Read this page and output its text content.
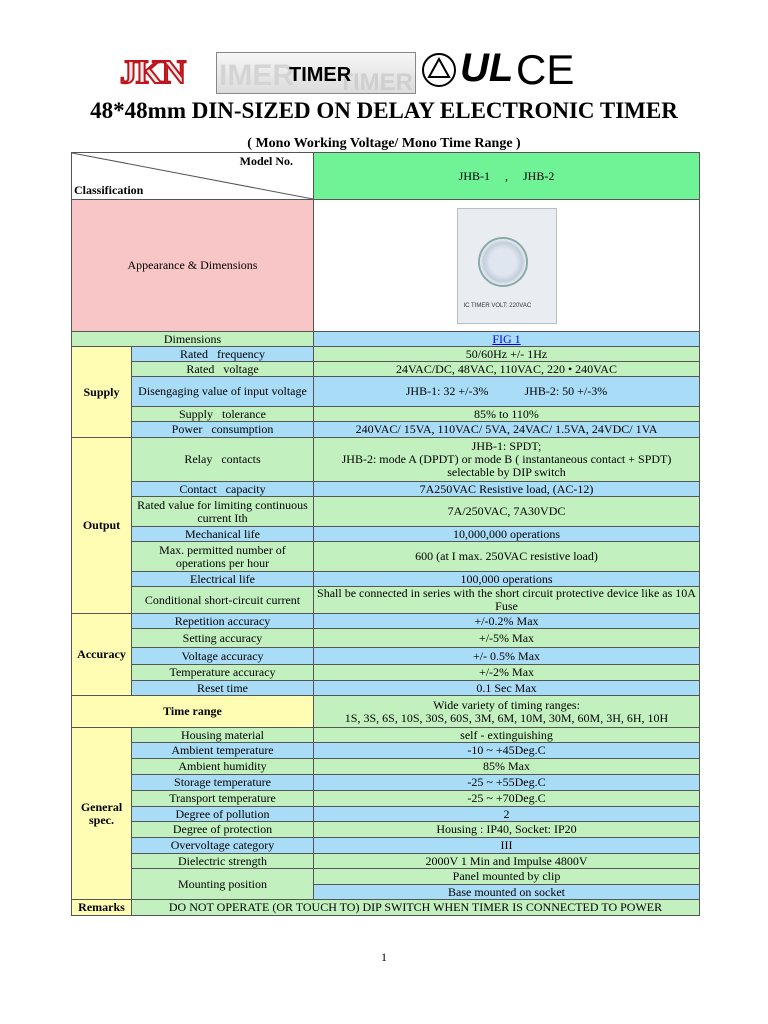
JKN IMER TIMER
TIMER	UL CE
48*48mm DIN-SIZED ON DELAY ELECTRONIC TIMER
( Mono Working Voltage/ Mono Time Range )
Model No.
Classification		JHB-1 　, 　JHB-2
Appearance & Dimensions		IC TIMER VOLT: 220VAC

Dimensions		FIG 1
Supply	Rated   frequency	50/60Hz +/- 1Hz
	Rated   voltage	24VAC/DC, 48VAC, 110VAC, 220 • 240VAC
	Disengaging value of input voltage	JHB-1: 32 +/-3%            JHB-2: 50 +/-3%
	Supply   tolerance	85% to 110%
	Power   consumption	240VAC/ 15VA, 110VAC/ 5VA, 24VAC/ 1.5VA, 24VDC/ 1VA
Output	Relay   contacts	JHB-1: SPDT;
JHB-2: mode A (DPDT) or mode B ( instantaneous contact + SPDT)
selectable by DIP switch

	Contact   capacity	7A250VAC Resistive load, (AC-12)
	Rated value for limiting continuous current Ith	7A/250VAC, 7A30VDC
	Mechanical life	10,000,000 operations
	Max. permitted number of operations per hour	600 (at I max. 250VAC resistive load)
	Electrical life	100,000 operations
	Conditional short-circuit current	Shall be connected in series with the short circuit protective device like as 10A Fuse
Accuracy	Repetition accuracy	+/-0.2% Max
	Setting accuracy	+/-5% Max
	Voltage accuracy	+/- 0.5% Max
	Temperature accuracy	+/-2% Max
	Reset time	0.1 Sec Max
Time range		Wide variety of timing ranges:
1S, 3S, 6S, 10S, 30S, 60S, 3M, 6M, 10M, 30M, 60M, 3H, 6H, 10H

General spec.	Housing material	self - extinguishing
	Ambient temperature	-10 ~ +45Deg.C
	Ambient humidity	85% Max
	Storage temperature	-25 ~ +55Deg.C
	Transport temperature	-25 ~ +70Deg.C
	Degree of pollution	2
	Degree of protection	Housing : IP40, Socket: IP20
	Overvoltage category	III
	Dielectric strength	2000V 1 Min and Impulse 4800V
	Mounting position	Panel mounted by clip
		Base mounted on socket
Remarks	DO NOT OPERATE (OR TOUCH TO) DIP SWITCH WHEN TIMER IS CONNECTED TO POWER	
1
